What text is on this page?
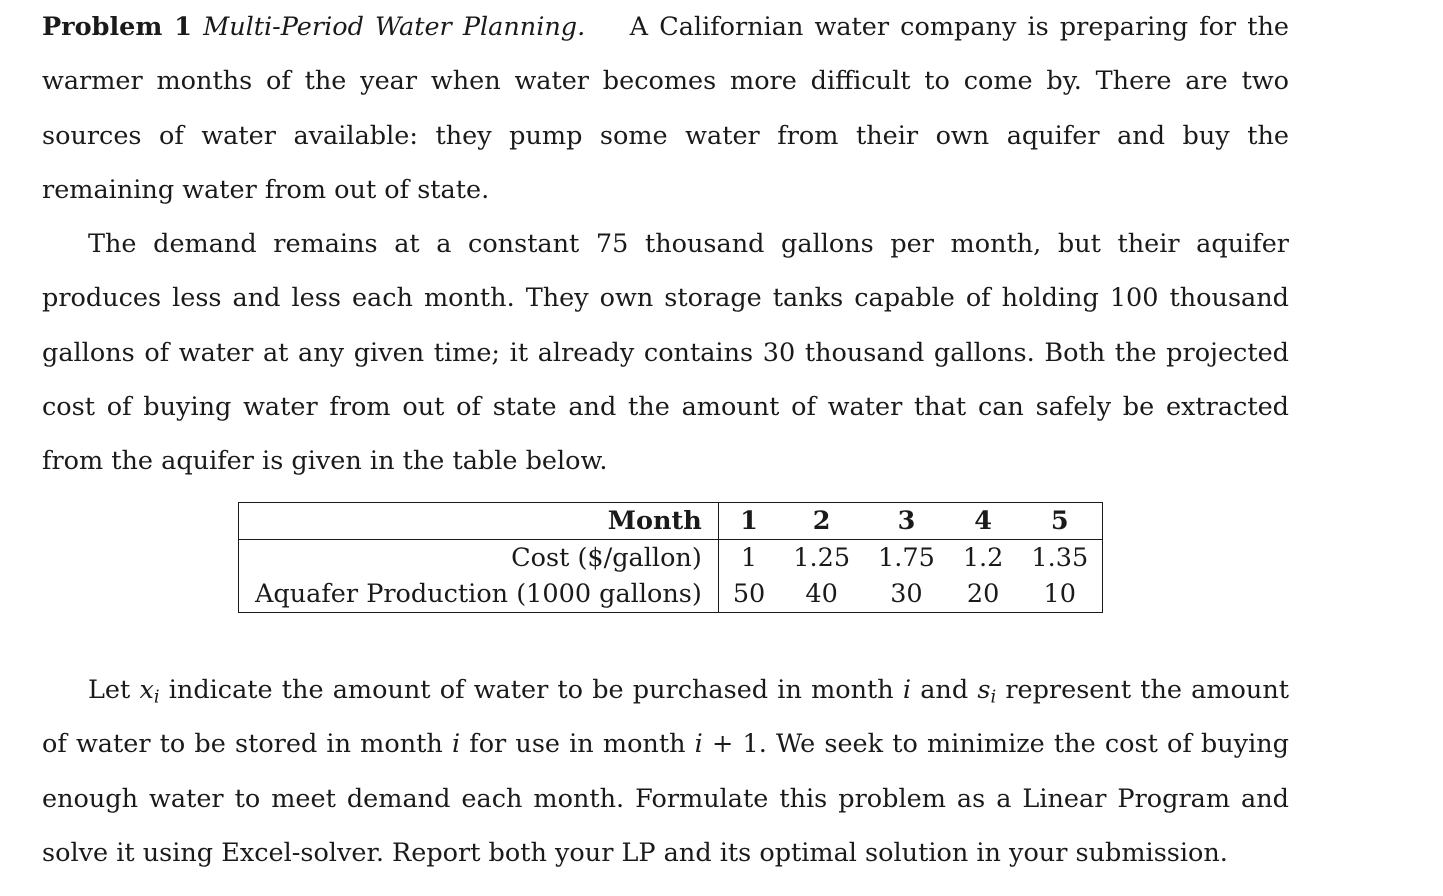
Problem 1 Multi-Period Water Planning. A Californian water company is preparing for the warmer months of the year when water becomes more difficult to come by. There are two sources of water available: they pump some water from their own aquifer and buy the remaining water from out of state.

The demand remains at a constant 75 thousand gallons per month, but their aquifer produces less and less each month. They own storage tanks capable of holding 100 thousand gallons of water at any given time; it already contains 30 thousand gallons. Both the projected cost of buying water from out of state and the amount of water that can safely be extracted from the aquifer is given in the table below.

Let $x_i$ indicate the amount of water to be purchased in month i and $s_i$ represent the amount of water to be stored in month i for use in month i + 1. We seek to minimize the cost of buying enough water to meet demand each month. Formulate this problem as a Linear Program and solve it using Excel-solver. Report both your LP and its optimal solution in your submission.

Month	1	2	3	4	5
Cost ($/gallon)	1	1.25	1.75	1.2	1.35
Aquafer Production (1000 gallons)	50	40	30	20	10
